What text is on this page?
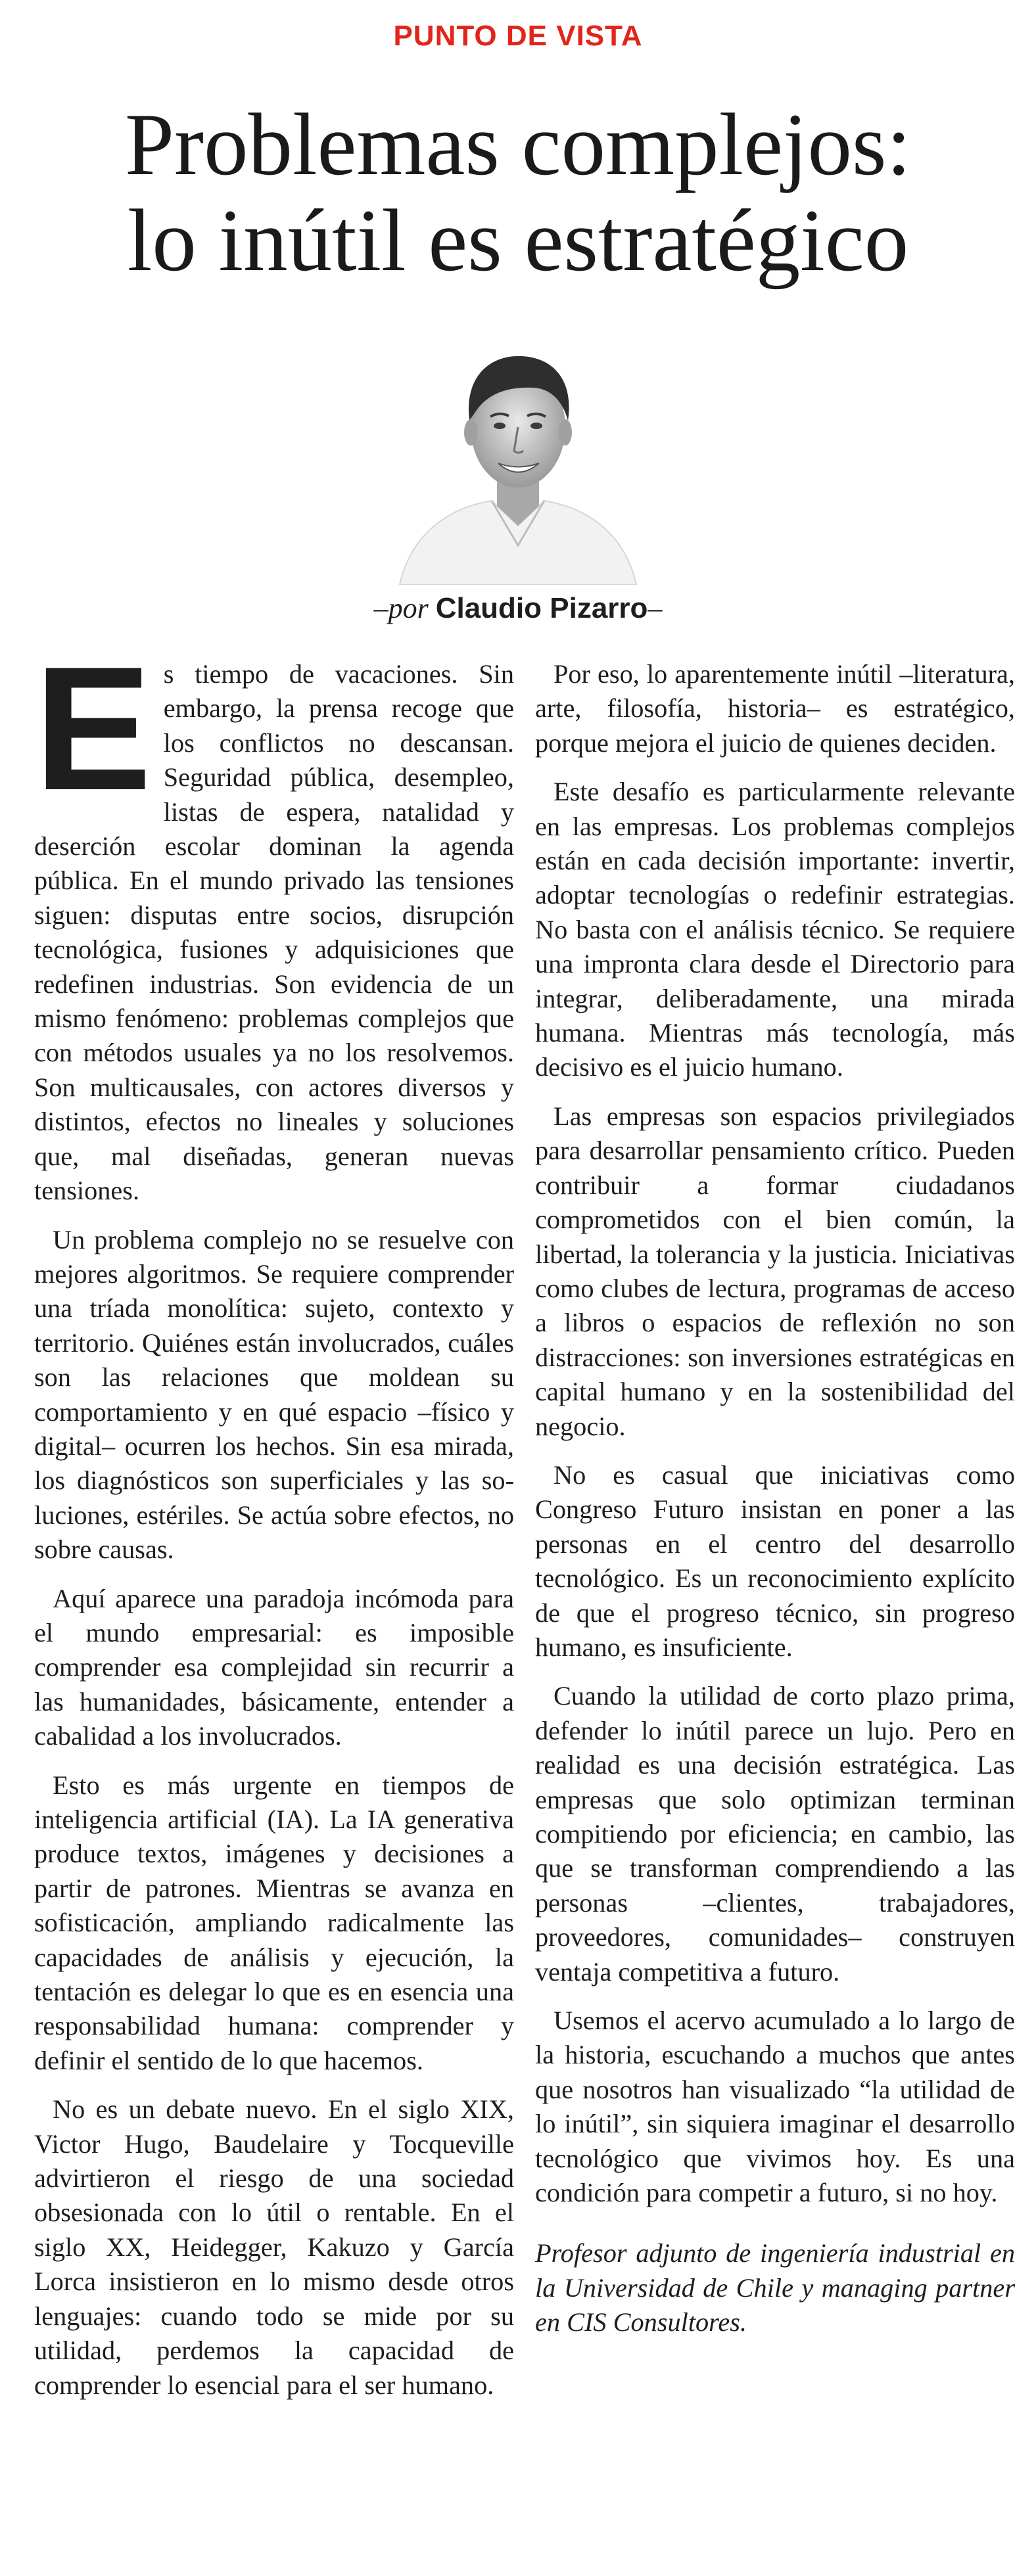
PUNTO DE VISTA
Problemas complejos:
lo inútil es estratégico
–por Claudio Pizarro–

Es tiempo de vacaciones. Sin embargo, la prensa recoge que los conflictos no descansan. Seguridad pública, desempleo, listas de espera, natalidad y deserción escolar dominan la agenda pública. En el mundo privado las tensiones siguen: disputas entre socios, disrupción tecnológica, fusiones y adquisiciones que redefinen industrias. Son evidencia de un mismo fenómeno: problemas complejos que con métodos usuales ya no los resolvemos. Son multicausales, con actores diversos y distintos, efectos no lineales y soluciones que, mal diseñadas, generan nuevas tensiones.

Un problema complejo no se resuelve con mejores algoritmos. Se requiere comprender una tríada monolítica: sujeto, contexto y territorio. Quiénes están involucrados, cuáles son las relaciones que moldean su comportamiento y en qué espacio –físico y digital– ocurren los hechos. Sin esa mirada, los diagnósticos son superficiales y las soluciones, estériles. Se actúa sobre efectos, no sobre causas.

Aquí aparece una paradoja incómoda para el mundo empresarial: es imposible comprender esa complejidad sin recurrir a las humanidades, básicamente, entender a cabalidad a los involucrados.

Esto es más urgente en tiempos de inteligencia artificial (IA). La IA generativa produce textos, imágenes y decisiones a partir de patrones. Mientras se avanza en sofisticación, ampliando radicalmente las capacidades de análisis y ejecución, la tentación es delegar lo que es en esencia una responsabilidad humana: comprender y definir el sentido de lo que hacemos.

No es un debate nuevo. En el siglo XIX, Victor Hugo, Baudelaire y Tocqueville advirtieron el riesgo de una sociedad obsesionada con lo útil o rentable. En el siglo XX, Heidegger, Kakuzo y García Lorca insistieron en lo mismo desde otros lenguajes: cuando todo se mide por su utilidad, perdemos la capacidad de comprender lo esencial para el ser humano.

Por eso, lo aparentemente inútil –literatura, arte, filosofía, historia– es estratégico, porque mejora el juicio de quienes deciden.

Este desafío es particularmente relevante en las empresas. Los problemas complejos están en cada decisión importante: invertir, adoptar tecnologías o redefinir estrategias. No basta con el análisis técnico. Se requiere una impronta clara desde el Directorio para integrar, deliberadamente, una mirada humana. Mientras más tecnología, más decisivo es el juicio humano.

Las empresas son espacios privilegiados para desarrollar pensamiento crítico. Pueden contribuir a formar ciudadanos comprometidos con el bien común, la libertad, la tolerancia y la justicia. Iniciativas como clubes de lectura, programas de acceso a libros o espacios de reflexión no son distracciones: son inversiones estratégicas en capital humano y en la sostenibilidad del negocio.

No es casual que iniciativas como Congreso Futuro insistan en poner a las personas en el centro del desarrollo tecnológico. Es un reconocimiento explícito de que el progreso técnico, sin progreso humano, es insuficiente.

Cuando la utilidad de corto plazo prima, defender lo inútil parece un lujo. Pero en realidad es una decisión estratégica. Las empresas que solo optimizan terminan compitiendo por eficiencia; en cambio, las que se transforman comprendiendo a las personas –clientes, trabajadores, proveedores, comunidades– construyen ventaja competitiva a futuro.

Usemos el acervo acumulado a lo largo de la historia, escuchando a muchos que antes que nosotros han visualizado “la utilidad de lo inútil”, sin siquiera imaginar el desarrollo tecnológico que vivimos hoy. Es una condición para competir a futuro, si no hoy.

Profesor adjunto de ingeniería industrial en la Universidad de Chile y managing partner en CIS Consultores.
